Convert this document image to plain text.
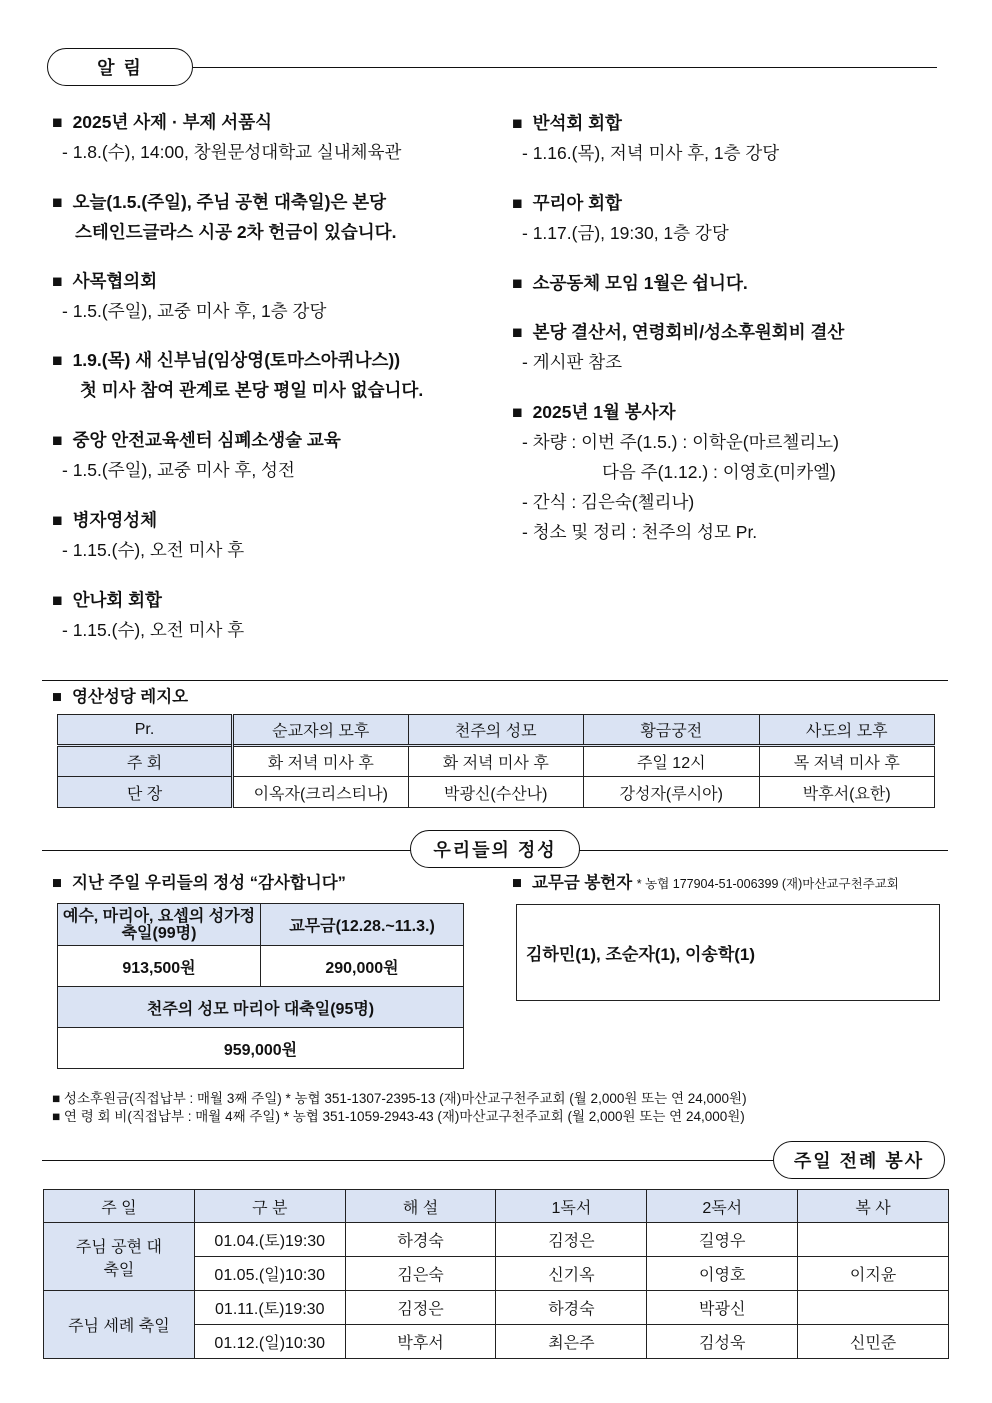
알 림
■ 2025년 사제 · 부제 서품식
- 1.8.(수), 14:00, 창원문성대학교 실내체육관
■ 오늘(1.5.(주일), 주님 공현 대축일)은 본당
스테인드글라스 시공 2차 헌금이 있습니다.
■ 사목협의회
- 1.5.(주일), 교중 미사 후, 1층 강당
■ 1.9.(목) 새 신부님(임상영(토마스아퀴나스))
첫 미사 참여 관계로 본당 평일 미사 없습니다.
■ 중앙 안전교육센터 심폐소생술 교육
- 1.5.(주일), 교중 미사 후, 성전
■ 병자영성체
- 1.15.(수), 오전 미사 후
■ 안나회 회합
- 1.15.(수), 오전 미사 후
■ 반석회 회합
- 1.16.(목), 저녁 미사 후, 1층 강당
■ 꾸리아 회합
- 1.17.(금), 19:30, 1층 강당
■ 소공동체 모임 1월은 쉽니다.
■ 본당 결산서, 연령회비/성소후원회비 결산
- 게시판 참조
■ 2025년 1월 봉사자
- 차량 : 이번 주(1.5.) : 이학운(마르첼리노)
다음 주(1.12.) : 이영호(미카엘)
- 간식 : 김은숙(첼리나)
- 청소 및 정리 : 천주의 성모 Pr.
■ 영산성당 레지오
Pr.	순교자의 모후	천주의 성모	황금궁전	사도의 모후
주 회	화 저녁 미사 후	화 저녁 미사 후	주일 12시	목 저녁 미사 후
단 장	이옥자(크리스티나)	박광신(수산나)	강성자(루시아)	박후서(요한)
우리들의 정성
■ 지난 주일 우리들의 정성 “감사합니다”	■ 교무금 봉헌자 * 농협 177904-51-006399 (재)마산교구천주교회
예수, 마리아, 요셉의 성가정 축일(99명)	교무금(12.28.~11.3.)
913,500원	290,000원
천주의 성모 마리아 대축일(95명)	
959,000원	
김하민(1), 조순자(1), 이송학(1)
■ 성소후원금(직접납부 : 매월 3째 주일) * 농협 351-1307-2395-13 (재)마산교구천주교회 (월 2,000원 또는 연 24,000원)
■ 연 령 회 비(직접납부 : 매월 4째 주일) * 농협 351-1059-2943-43 (재)마산교구천주교회 (월 2,000원 또는 연 24,000원)
주일 전례 봉사
주 일	구 분	해 설	1독서	2독서	복 사
주님 공현 대축일	01.04.(토)19:30	하경숙	김정은	길영우	
	01.05.(일)10:30	김은숙	신기옥	이영호	이지윤
주님 세례 축일	01.11.(토)19:30	김정은	하경숙	박광신	
	01.12.(일)10:30	박후서	최은주	김성욱	신민준
